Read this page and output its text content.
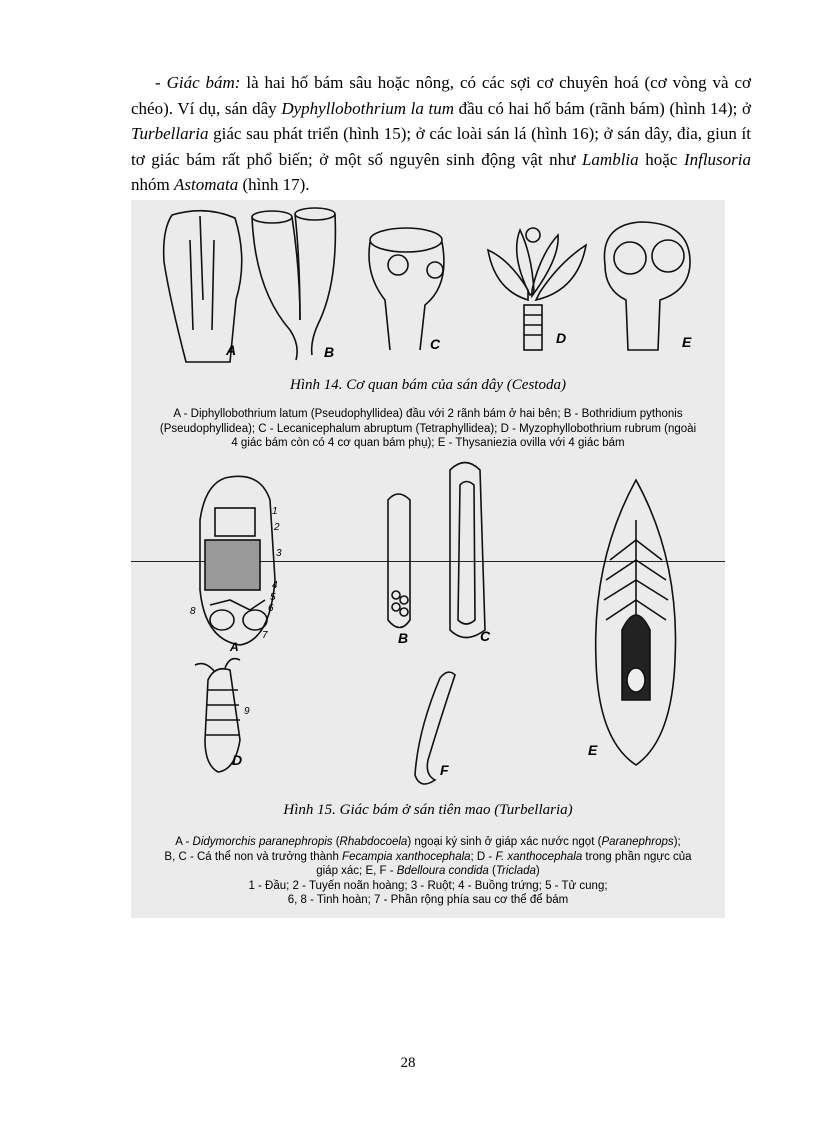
- Giác bám: là hai hố bám sâu hoặc nông, có các sợi cơ chuyên hoá (cơ vòng và cơ chéo). Ví dụ, sán dây Dyphyllobothrium la tum đầu có hai hố bám (rãnh bám) (hình 14); ở Turbellaria giác sau phát triển (hình 15); ở các loài sán lá (hình 16); ở sán dây, đỉa, giun ít tơ giác bám rất phổ biến; ở một số nguyên sinh động vật như Lamblia hoặc Influsoria nhóm Astomata (hình 17).
A	B	C	D	E
Hình 14. Cơ quan bám của sán dây (Cestoda)
A - Diphyllobothrium latum (Pseudophyllidea) đầu với 2 rãnh bám ở hai bên; B - Bothridium pythonis
(Pseudophyllidea); C - Lecanicephalum abruptum (Tetraphyllidea); D - Myzophyllobothrium rubrum (ngoài
4 giác bám còn có 4 cơ quan bám phụ); E - Thysaniezia ovilla với 4 giác bám
A
B	C
D
E
F
1
2
3
4
5
6
7
8
9
Hình 15. Giác bám ở sán tiên mao (Turbellaria)
A - Didymorchis paranephropis (Rhabdocoela) ngoại ký sinh ở giáp xác nước ngọt (Paranephrops);
B, C - Cá thể non và trưởng thành Fecampia xanthocephala; D - F. xanthocephala trong phần ngực của
giáp xác; E, F - Bdelloura condida (Triclada)
1 - Đầu; 2 - Tuyến noãn hoàng; 3 - Ruột; 4 - Buồng trứng; 5 - Tử cung;
6, 8 - Tinh hoàn; 7 - Phần rộng phía sau cơ thể để bám
28
